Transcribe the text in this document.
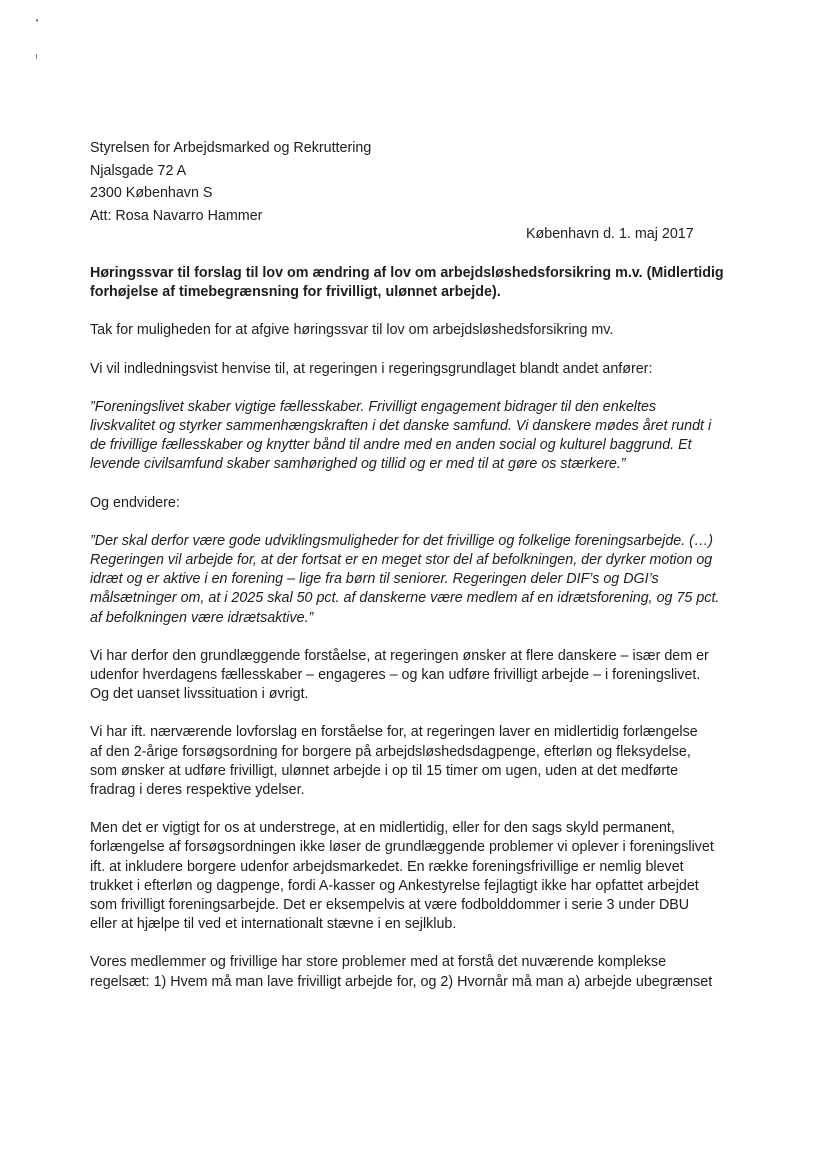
Styrelsen for Arbejdsmarked og Rekruttering
Njalsgade 72 A
2300 København S
Att: Rosa Navarro Hammer
København d. 1. maj 2017

Høringssvar til forslag til lov om ændring af lov om arbejdsløshedsforsikring m.v. (Midlertidig
forhøjelse af timebegrænsning for frivilligt, ulønnet arbejde).

Tak for muligheden for at afgive høringssvar til lov om arbejdsløshedsforsikring mv.

Vi vil indledningsvist henvise til, at regeringen i regeringsgrundlaget blandt andet anfører:

”Foreningslivet skaber vigtige fællesskaber. Frivilligt engagement bidrager til den enkeltes
livskvalitet og styrker sammenhængskraften i det danske samfund. Vi danskere mødes året rundt i
de frivillige fællesskaber og knytter bånd til andre med en anden social og kulturel baggrund. Et
levende civilsamfund skaber samhørighed og tillid og er med til at gøre os stærkere.”

Og endvidere:

”Der skal derfor være gode udviklingsmuligheder for det frivillige og folkelige foreningsarbejde. (…)
Regeringen vil arbejde for, at der fortsat er en meget stor del af befolkningen, der dyrker motion og
idræt og er aktive i en forening – lige fra børn til seniorer. Regeringen deler DIF’s og DGI’s
målsætninger om, at i 2025 skal 50 pct. af danskerne være medlem af en idrætsforening, og 75 pct.
af befolkningen være idrætsaktive.”

Vi har derfor den grundlæggende forståelse, at regeringen ønsker at flere danskere – især dem er
udenfor hverdagens fællesskaber – engageres – og kan udføre frivilligt arbejde – i foreningslivet.
Og det uanset livssituation i øvrigt.

Vi har ift. nærværende lovforslag en forståelse for, at regeringen laver en midlertidig forlængelse
af den 2-årige forsøgsordning for borgere på arbejdsløshedsdagpenge, efterløn og fleksydelse,
som ønsker at udføre frivilligt, ulønnet arbejde i op til 15 timer om ugen, uden at det medførte
fradrag i deres respektive ydelser.

Men det er vigtigt for os at understrege, at en midlertidig, eller for den sags skyld permanent,
forlængelse af forsøgsordningen ikke løser de grundlæggende problemer vi oplever i foreningslivet
ift. at inkludere borgere udenfor arbejdsmarkedet. En række foreningsfrivillige er nemlig blevet
trukket i efterløn og dagpenge, fordi A-kasser og Ankestyrelse fejlagtigt ikke har opfattet arbejdet
som frivilligt foreningsarbejde. Det er eksempelvis at være fodbolddommer i serie 3 under DBU
eller at hjælpe til ved et internationalt stævne i en sejlklub.

Vores medlemmer og frivillige har store problemer med at forstå det nuværende komplekse
regelsæt: 1) Hvem må man lave frivilligt arbejde for, og 2) Hvornår må man a) arbejde ubegrænset
